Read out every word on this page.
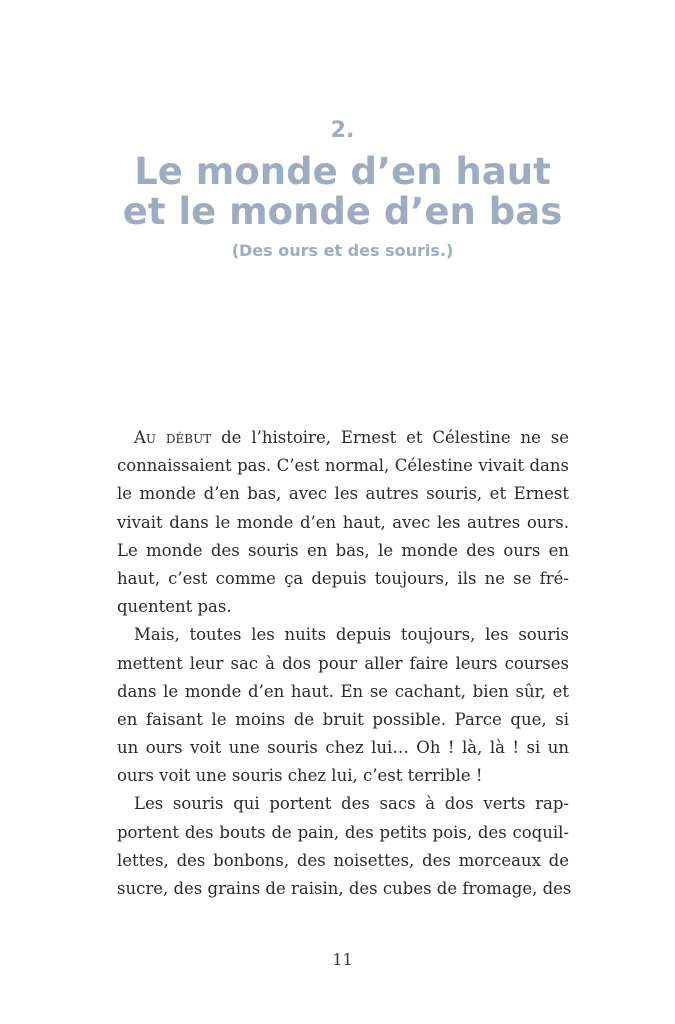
2.
Le monde d’en haut
et le monde d’en bas
(Des ours et des souris.)
Au début de l’histoire, Ernest et Célestine ne se
connaissaient pas. C’est normal, Célestine vivait dans
le monde d’en bas, avec les autres souris, et Ernest
vivait dans le monde d’en haut, avec les autres ours.
Le monde des souris en bas, le monde des ours en
haut, c’est comme ça depuis toujours, ils ne se fré-
quentent pas.
Mais, toutes les nuits depuis toujours, les souris
mettent leur sac à dos pour aller faire leurs courses
dans le monde d’en haut. En se cachant, bien sûr, et
en faisant le moins de bruit possible. Parce que, si
un ours voit une souris chez lui… Oh ! là, là ! si un
ours voit une souris chez lui, c’est terrible !
Les souris qui portent des sacs à dos verts rap-
portent des bouts de pain, des petits pois, des coquil-
lettes, des bonbons, des noisettes, des morceaux de
sucre, des grains de raisin, des cubes de fromage, des
11
